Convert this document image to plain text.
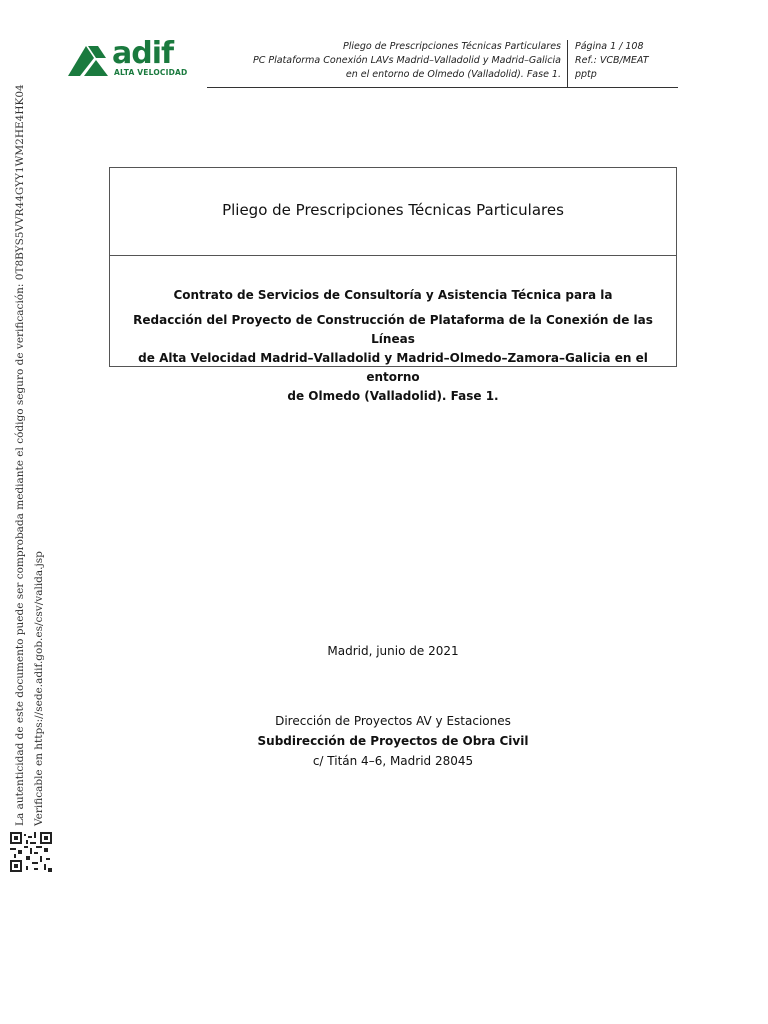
adif
ALTA VELOCIDAD
Pliego de Prescripciones Técnicas Particulares
PC Plataforma Conexión LAVs Madrid–Valladolid y Madrid–Galicia
en el entorno de Olmedo (Valladolid). Fase 1.
Página 1 / 108
Ref.: VCB/MEAT
pptp
Pliego de Prescripciones Técnicas Particulares
Contrato de Servicios de Consultoría y Asistencia Técnica para la
Redacción del Proyecto de Construcción de Plataforma de la Conexión de las Líneas
de Alta Velocidad Madrid–Valladolid y Madrid–Olmedo–Zamora–Galicia en el entorno
de Olmedo (Valladolid). Fase 1.
Madrid, junio de 2021
Dirección de Proyectos AV y Estaciones
Subdirección de Proyectos de Obra Civil
c/ Titán 4–6, Madrid 28045
La autenticidad de este documento puede ser comprobada mediante el código seguro de verificación: 0T8BYS5VVR44GYY1WM2HE4HK04 Verificable en https://sede.adif.gob.es/csv/valida.jsp
